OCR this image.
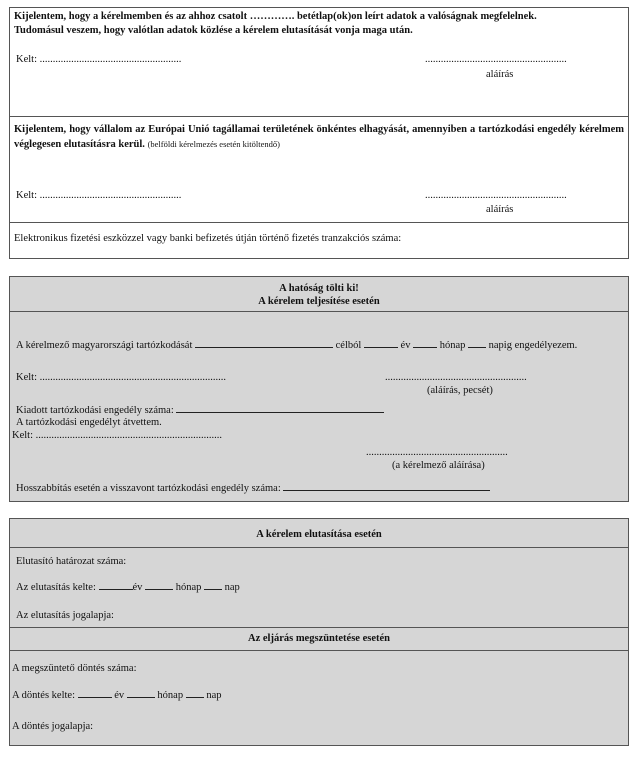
Kijelentem, hogy a kérelmemben és az ahhoz csatolt …………. betétlap(ok)on leírt adatok a valóságnak megfelelnek.
Tudomásul veszem, hogy valótlan adatok közlése a kérelem elutasítását vonja maga után.
Kelt: ......................................................	......................................................
aláírás
Kijelentem, hogy vállalom az Európai Unió tagállamai területének önkéntes elhagyását, amennyiben a tartózkodási engedély kérelmem véglegesen elutasításra kerül. (belföldi kérelmezés esetén kitöltendő)
Kelt: ......................................................	......................................................
aláírás
Elektronikus fizetési eszközzel vagy banki befizetés útján történő fizetés tranzakciós száma:
A hatóság tölti ki!
A kérelem teljesítése esetén
A kérelmező magyarországi tartózkodását	célból	év	hónap napig engedélyezem.
Kelt: .......................................................................	......................................................
(aláírás, pecsét)
Kiadott tartózkodási engedély száma:
A tartózkodási engedélyt átvettem.
Kelt: .......................................................................
......................................................
(a kérelmező aláírása)
Hosszabbítás esetén a visszavont tartózkodási engedély száma:
A kérelem elutasítása esetén
Elutasító határozat száma:
Az elutasítás kelte:	év	hónap nap
Az elutasítás jogalapja:
Az eljárás megszüntetése esetén
A megszüntető döntés száma:
A döntés kelte:	év	hónap nap
A döntés jogalapja:
